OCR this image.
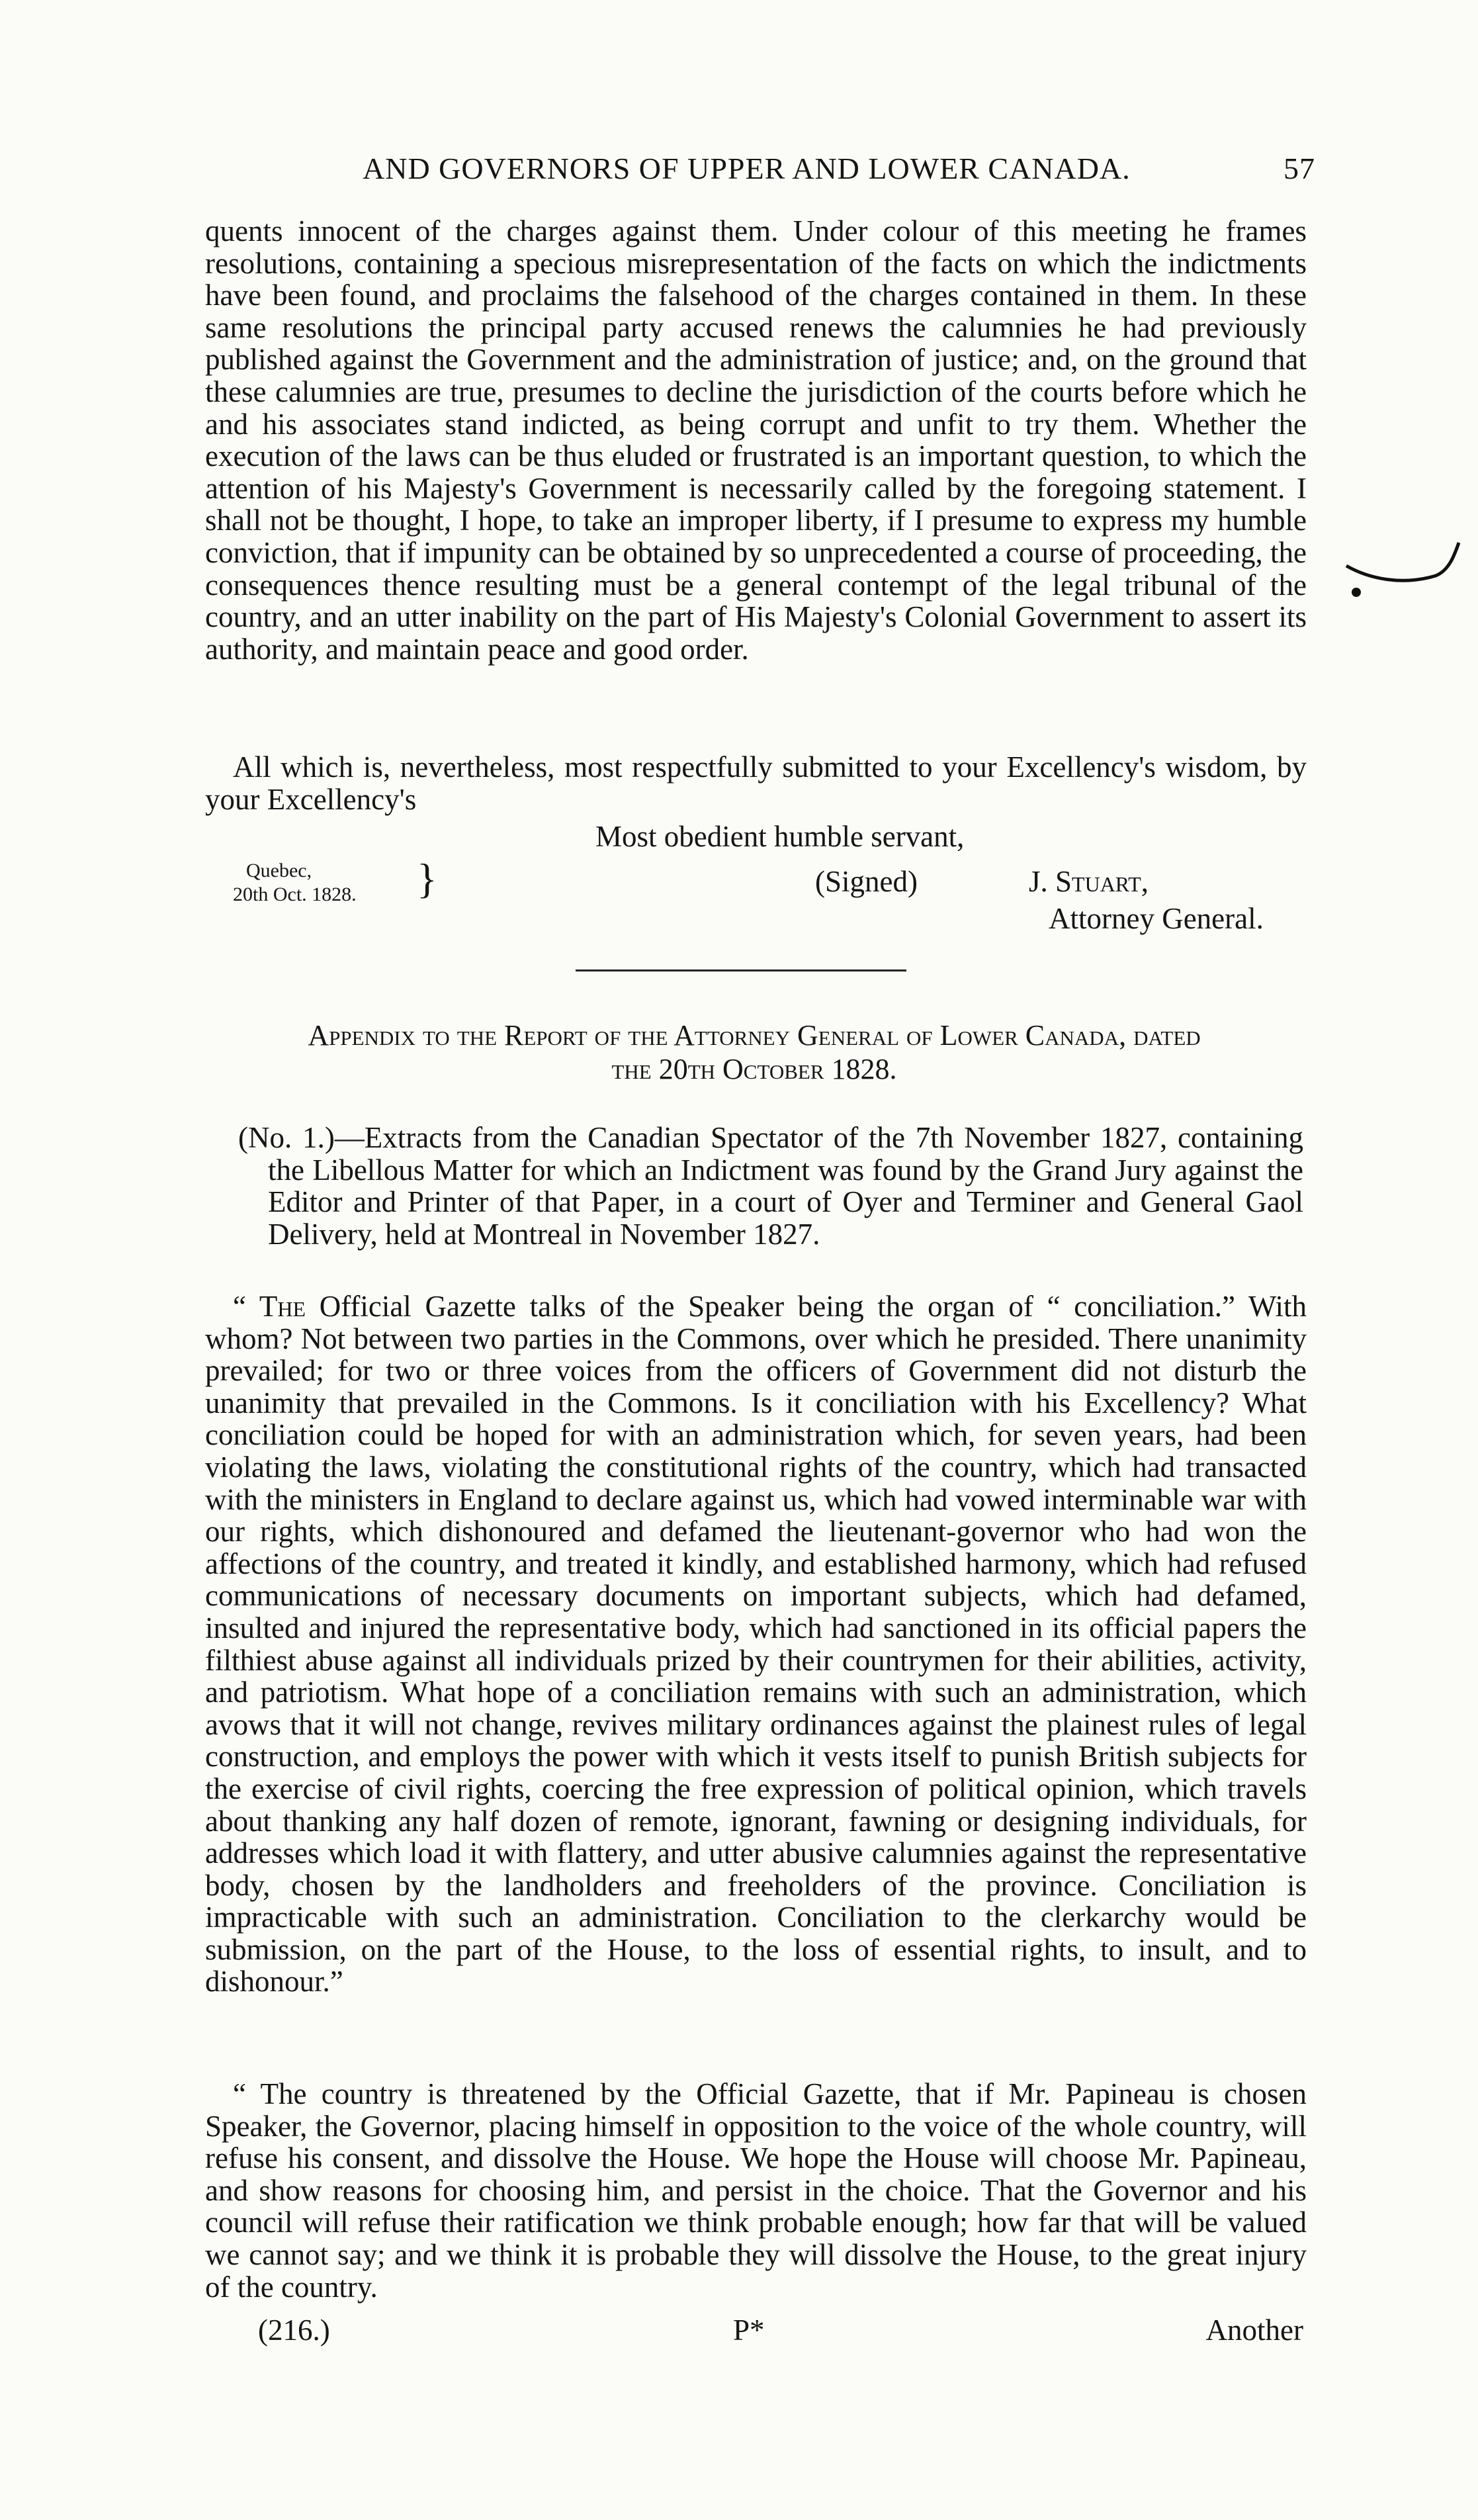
AND GOVERNORS OF UPPER AND LOWER CANADA.	57
quents innocent of the charges against them. Under colour of this meeting he frames resolutions, containing a specious misrepresentation of the facts on which the indictments have been found, and proclaims the falsehood of the charges contained in them. In these same resolutions the principal party accused renews the calumnies he had previously published against the Government and the administration of justice; and, on the ground that these calumnies are true, presumes to decline the jurisdiction of the courts before which he and his associates stand indicted, as being corrupt and unfit to try them. Whether the execution of the laws can be thus eluded or frustrated is an important question, to which the attention of his Majesty's Government is necessarily called by the foregoing statement. I shall not be thought, I hope, to take an improper liberty, if I presume to express my humble conviction, that if impunity can be obtained by so unprecedented a course of proceeding, the consequences thence resulting must be a general contempt of the legal tribunal of the country, and an utter inability on the part of His Majesty's Colonial Government to assert its authority, and maintain peace and good order.
All which is, nevertheless, most respectfully submitted to your Excellency's wisdom, by your Excellency's
Most obedient humble servant,
Quebec,
20th Oct. 1828. }	(Signed)	J. Stuart,
Attorney General.
Appendix to the Report of the Attorney General of Lower Canada, dated
the 20th October 1828.
(No. 1.)—Extracts from the Canadian Spectator of the 7th November 1827, containing the Libellous Matter for which an Indictment was found by the Grand Jury against the Editor and Printer of that Paper, in a court of Oyer and Terminer and General Gaol Delivery, held at Montreal in November 1827.
“ The Official Gazette talks of the Speaker being the organ of “ conciliation.” With whom? Not between two parties in the Commons, over which he presided. There unanimity prevailed; for two or three voices from the officers of Government did not disturb the unanimity that prevailed in the Commons. Is it conciliation with his Excellency? What conciliation could be hoped for with an administration which, for seven years, had been violating the laws, violating the constitutional rights of the country, which had transacted with the ministers in England to declare against us, which had vowed interminable war with our rights, which dishonoured and defamed the lieutenant-governor who had won the affections of the country, and treated it kindly, and established harmony, which had refused communications of necessary documents on important subjects, which had defamed, insulted and injured the representative body, which had sanctioned in its official papers the filthiest abuse against all individuals prized by their countrymen for their abilities, activity, and patriotism. What hope of a conciliation remains with such an administration, which avows that it will not change, revives military ordinances against the plainest rules of legal construction, and employs the power with which it vests itself to punish British subjects for the exercise of civil rights, coercing the free expression of political opinion, which travels about thanking any half dozen of remote, ignorant, fawning or designing individuals, for addresses which load it with flattery, and utter abusive calumnies against the representative body, chosen by the landholders and freeholders of the province. Conciliation is impracticable with such an administration. Conciliation to the clerkarchy would be submission, on the part of the House, to the loss of essential rights, to insult, and to dishonour.”
“ The country is threatened by the Official Gazette, that if Mr. Papineau is chosen Speaker, the Governor, placing himself in opposition to the voice of the whole country, will refuse his consent, and dissolve the House. We hope the House will choose Mr. Papineau, and show reasons for choosing him, and persist in the choice. That the Governor and his council will refuse their ratification we think probable enough; how far that will be valued we cannot say; and we think it is probable they will dissolve the House, to the great injury of the country.
(216.)	P*	Another
